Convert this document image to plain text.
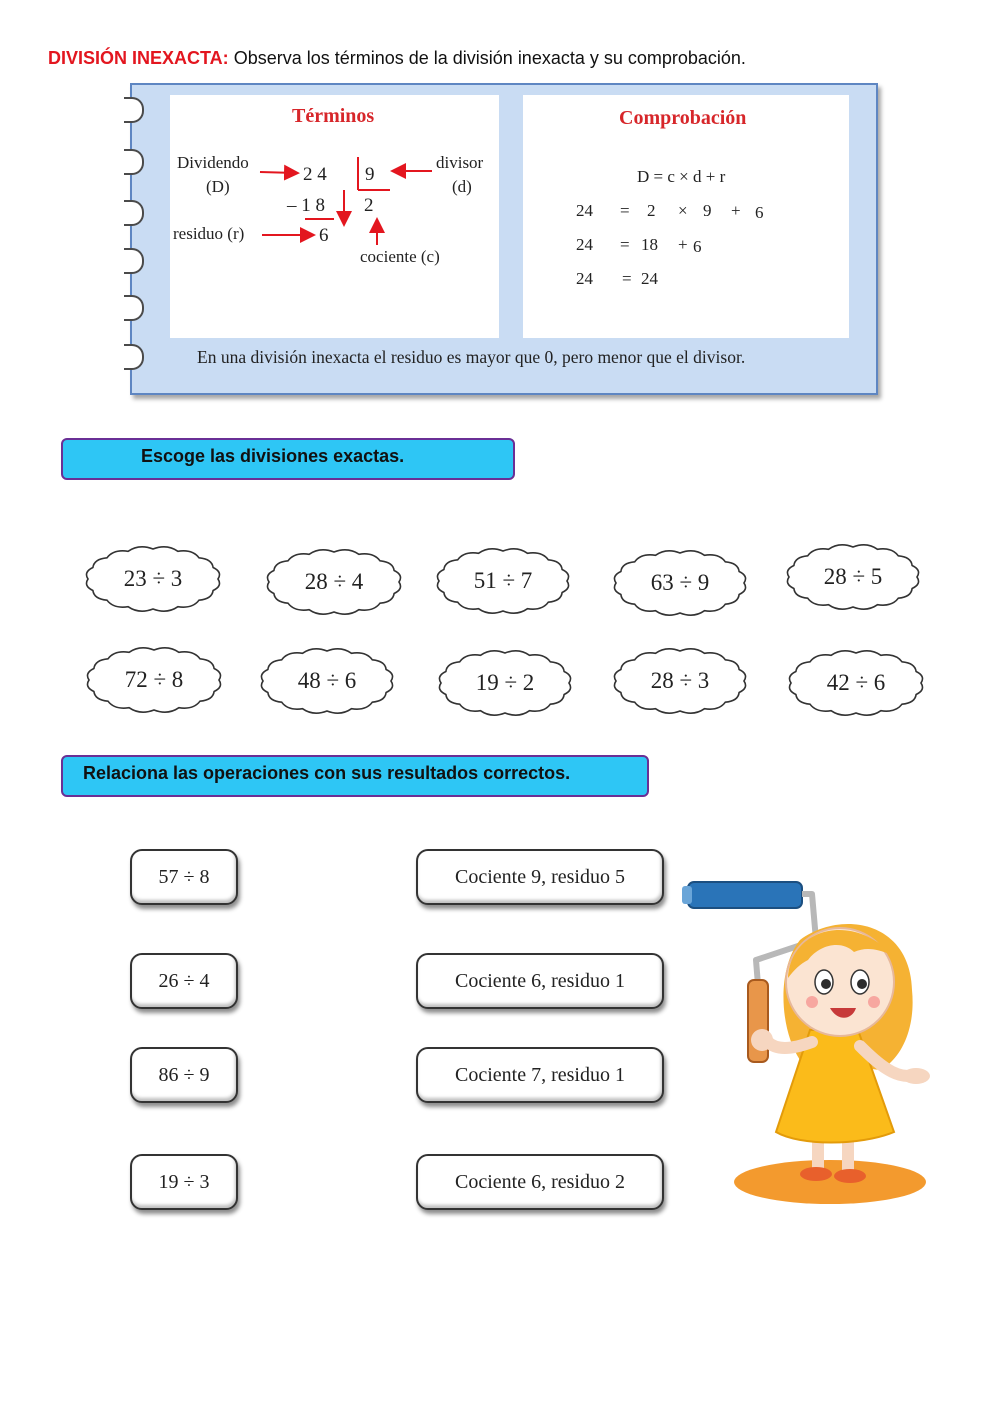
DIVISIÓN INEXACTA: Observa los términos de la división inexacta y su comprobación.
Términos
Dividendo
(D)
2 4 9
divisor
(d)
– 1 8 2
residuo (r)	6
cociente (c)
Comprobación
D = c × d + r
24 = 2 × 9 + 6
24 = 18 + 6
24 = 24
En una división inexacta el residuo es mayor que 0, pero menor que el divisor.
Escoge las divisiones exactas.
23 ÷ 3	28 ÷ 4	51 ÷ 7	63 ÷ 9	28 ÷ 5
72 ÷ 8	48 ÷ 6	19 ÷ 2	28 ÷ 3	42 ÷ 6
Relaciona las operaciones con sus resultados correctos.
57 ÷ 8
26 ÷ 4
86 ÷ 9
19 ÷ 3
Cociente 9, residuo 5
Cociente 6, residuo 1
Cociente 7, residuo 1
Cociente 6, residuo 2
